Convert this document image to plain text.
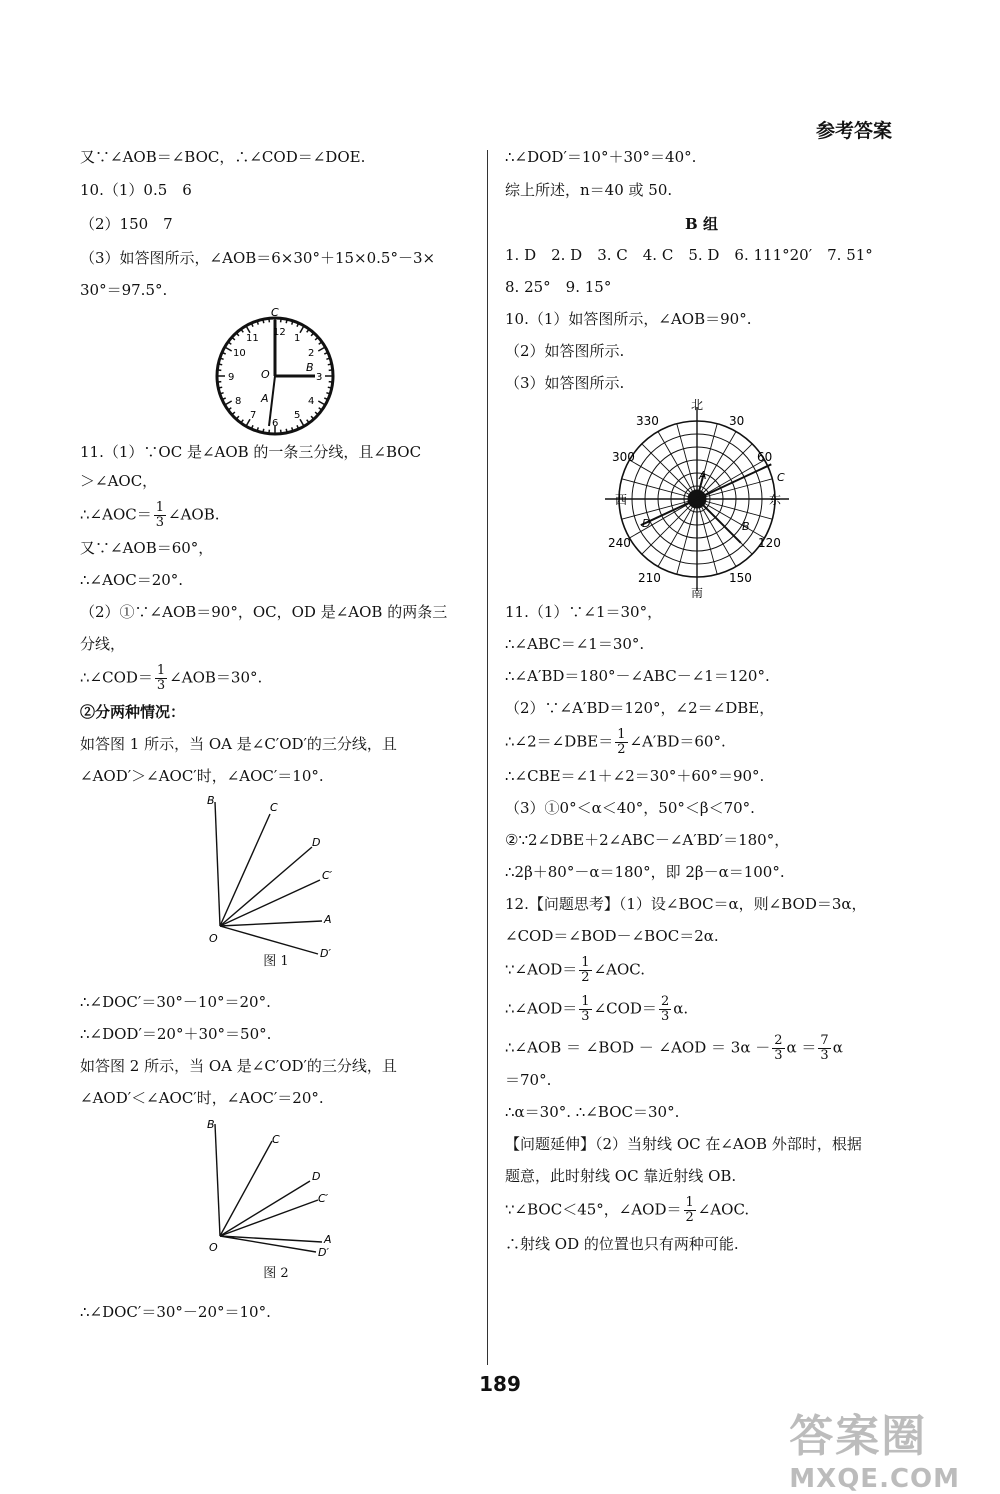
参考答案
又∵∠AOB＝∠BOC，∴∠COD＝∠DOE.
10.（1）0.5　6
（2）150　7
（3）如答图所示，∠AOB＝6×30°＋15×0.5°－3×
30°＝97.5°.
12
1
2
3
4
5
6
7
8
9
10
11
C
B
O
A
11.（1）∵OC 是∠AOB 的一条三分线，且∠BOC
＞∠AOC，
∴∠AOC＝ $\frac{1}{3}$ ∠AOB.
又∵∠AOB＝60°，
∴∠AOC＝20°.
（2）①∵∠AOB＝90°，OC，OD 是∠AOB 的两条三
分线，
∴∠COD＝ $\frac{1}{3}$ ∠AOB＝30°.
②分两种情况：
如答图 1 所示，当 OA 是∠C′OD′的三分线，且
∠AOD′＞∠AOC′时，∠AOC′＝10°.
B
C
D
C′
A
D′
O
图 1
∴∠DOC′＝30°－10°＝20°.
∴∠DOD′＝20°＋30°＝50°.
如答图 2 所示，当 OA 是∠C′OD′的三分线，且
∠AOD′＜∠AOC′时，∠AOC′＝20°.
B
C
D
C′
A
D′
O
图 2
∴∠DOC′＝30°－20°＝10°.
∴∠DOD′＝10°＋30°＝40°.
综上所述，n＝40 或 50.
B 组
1. D　2. D　3. C　4. C　5. D　6. 111°20′　7. 51°
8. 25°　9. 15°
10.（1）如答图所示，∠AOB＝90°.
（2）如答图所示.
（3）如答图所示.
北
南
东
西
330	30
300	60
240	120
210	150
A
B
C
D
11.（1）∵∠1＝30°，
∴∠ABC＝∠1＝30°.
∴∠A′BD＝180°－∠ABC－∠1＝120°.
（2）∵∠A′BD＝120°，∠2＝∠DBE，
∴∠2＝∠DBE＝ $\frac{1}{2}$ ∠A′BD＝60°.
∴∠CBE＝∠1＋∠2＝30°＋60°＝90°.
（3）①0°＜α＜40°，50°＜β＜70°.
②∵2∠DBE＋2∠ABC－∠A′BD′＝180°，
∴2β＋80°－α＝180°，即 2β－α＝100°.
12.【问题思考】（1）设∠BOC＝α，则∠BOD＝3α，
∠COD＝∠BOD－∠BOC＝2α.
∵∠AOD＝ $\frac{1}{2}$ ∠AOC.
∴∠AOD＝ $\frac{1}{3}$ ∠COD＝ $\frac{2}{3} \alpha$.
∴∠AOB ＝ ∠BOD － ∠AOD ＝ $3\alpha - \frac{2}{3}$ $\alpha = \frac{7}{3}$ α
＝70°.
∴α＝30°. ∴∠BOC＝30°.
【问题延伸】（2）当射线 OC 在∠AOB 外部时，根据
题意，此时射线 OC 靠近射线 OB.
∵∠BOC＜45°，∠AOD＝ $\frac{1}{2}$ ∠AOC.
∴射线 OD 的位置也只有两种可能.
189
答案圈
MXQE.COM
